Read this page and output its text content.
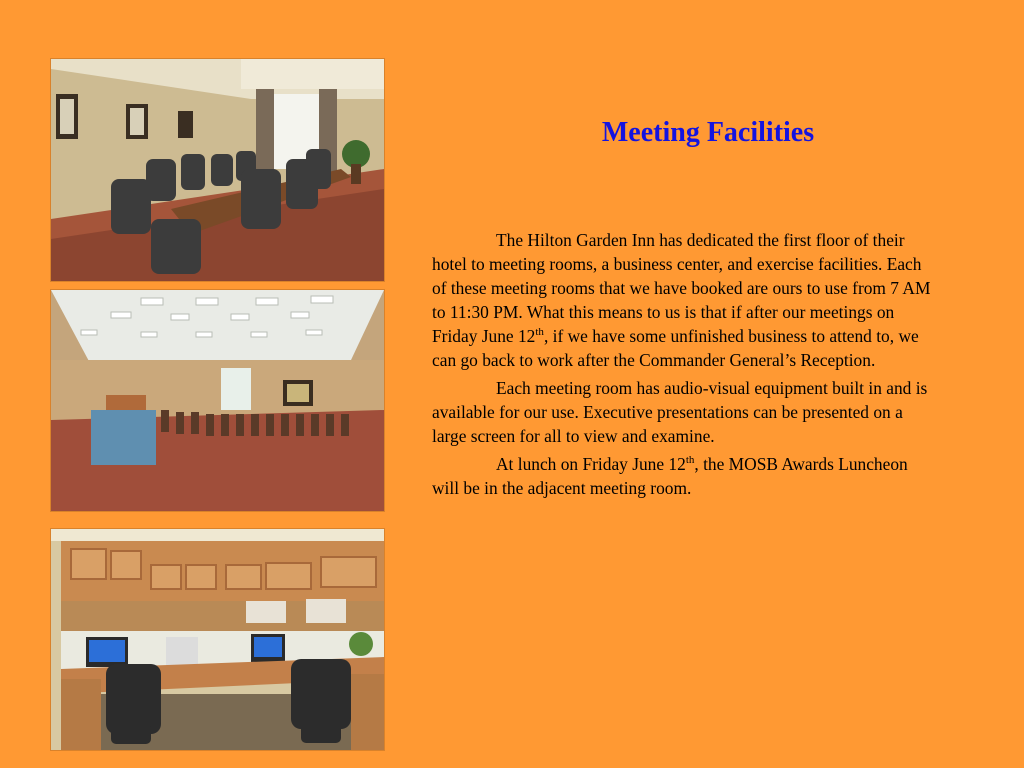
Meeting Facilities

The Hilton Garden Inn has dedicated the first floor of their hotel to meeting rooms, a business center, and exercise facilities. Each of these meeting rooms that we have booked are ours to use from 7 AM to 11:30 PM. What this means to us is that if after our meetings on Friday June 12th, if we have some unfinished business to attend to, we can go back to work after the Commander General’s Reception.

Each meeting room has audio-visual equipment built in and is available for our use. Executive presentations can be presented on a large screen for all to view and examine.

At lunch on Friday June 12th, the MOSB Awards Luncheon will be in the adjacent meeting room.
